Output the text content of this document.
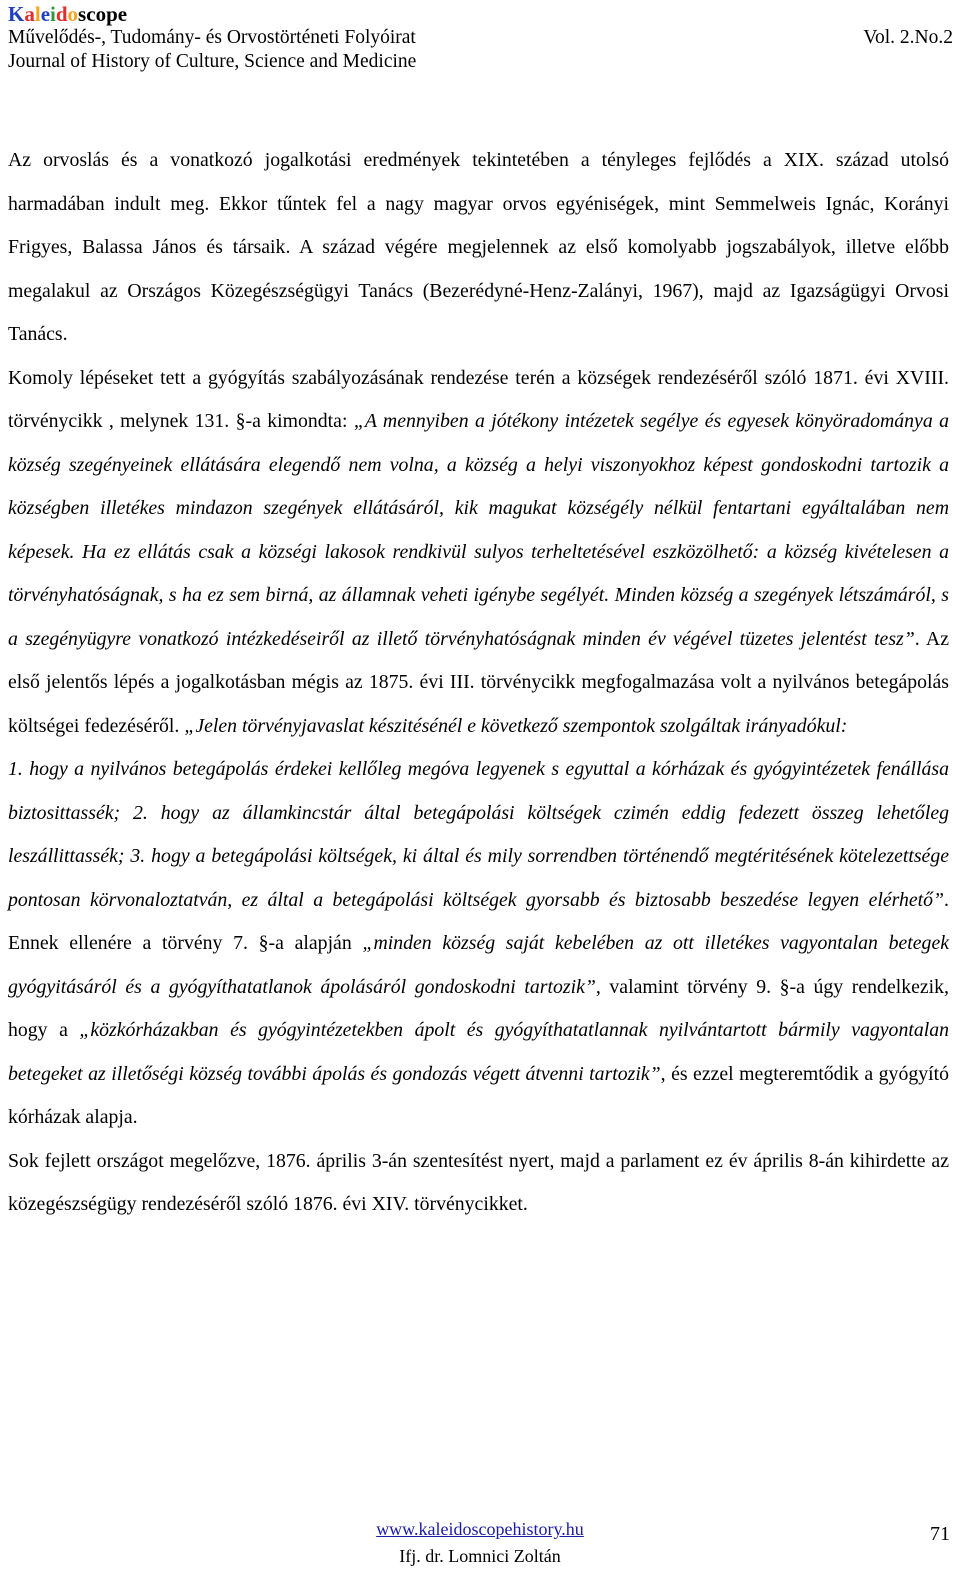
Kaleidoscope
Művelődés-, Tudomány- és Orvostörténeti Folyóirat	Vol. 2.No.2
Journal of History of Culture, Science and Medicine

Az orvoslás és a vonatkozó jogalkotási eredmények tekintetében a tényleges fejlődés a XIX. század utolsó harmadában indult meg. Ekkor tűntek fel a nagy magyar orvos egyéniségek, mint Semmelweis Ignác, Korányi Frigyes, Balassa János és társaik. A század végére megjelennek az első komolyabb jogszabályok, illetve előbb megalakul az Országos Közegészségügyi Tanács (Bezerédyné-Henz-Zalányi, 1967), majd az Igazságügyi Orvosi Tanács.

Komoly lépéseket tett a gyógyítás szabályozásának rendezése terén a községek rendezéséről szóló 1871. évi XVIII. törvénycikk , melynek 131. §-a kimondta: „A mennyiben a jótékony intézetek segélye és egyesek könyöradománya a község szegényeinek ellátására elegendő nem volna, a község a helyi viszonyokhoz képest gondoskodni tartozik a községben illetékes mindazon szegények ellátásáról, kik magukat községély nélkül fentartani egyáltalában nem képesek. Ha ez ellátás csak a községi lakosok rendkivül sulyos terheltetésével eszközölhető: a község kivételesen a törvényhatóságnak, s ha ez sem birná, az államnak veheti igénybe segélyét. Minden község a szegények létszámáról, s a szegényügyre vonatkozó intézkedéseiről az illető törvényhatóságnak minden év végével tüzetes jelentést tesz”. Az első jelentős lépés a jogalkotásban mégis az 1875. évi III. törvénycikk megfogalmazása volt a nyilvános betegápolás költségei fedezéséről. „Jelen törvényjavaslat készitésénél e következő szempontok szolgáltak irányadókul:

1. hogy a nyilvános betegápolás érdekei kellőleg megóva legyenek s egyuttal a kórházak és gyógyintézetek fenállása biztosittassék; 2. hogy az államkincstár által betegápolási költségek czimén eddig fedezett összeg lehetőleg leszállittassék; 3. hogy a betegápolási költségek, ki által és mily sorrendben történendő megtéritésének kötelezettsége pontosan körvonaloztatván, ez által a betegápolási költségek gyorsabb és biztosabb beszedése legyen elérhető”. Ennek ellenére a törvény 7. §-a alapján „minden község saját kebelében az ott illetékes vagyontalan betegek gyógyitásáról és a gyógyíthatatlanok ápolásáról gondoskodni tartozik”, valamint törvény 9. §-a úgy rendelkezik, hogy a „közkórházakban és gyógyintézetekben ápolt és gyógyíthatatlannak nyilvántartott bármily vagyontalan betegeket az illetőségi község további ápolás és gondozás végett átvenni tartozik”, és ezzel megteremtődik a gyógyító kórházak alapja.

Sok fejlett országot megelőzve, 1876. április 3-án szentesítést nyert, majd a parlament ez év április 8-án kihirdette az közegészségügy rendezéséről szóló 1876. évi XIV. törvénycikket.

www.kaleidoscopehistory.hu
Ifj. dr. Lomnici Zoltán
71
